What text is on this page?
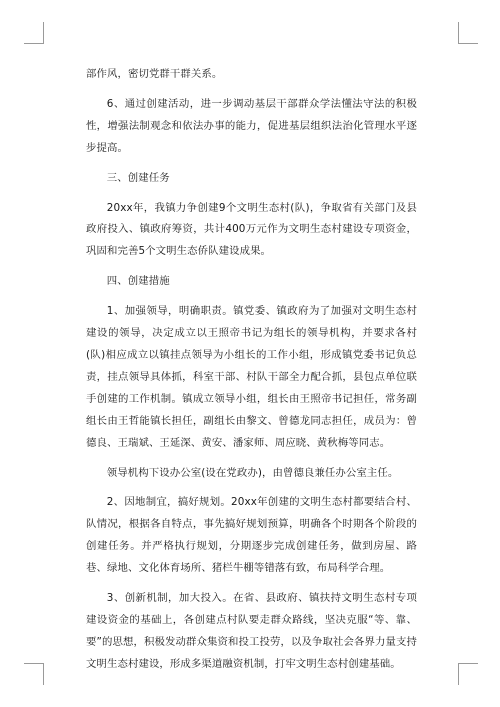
部作风，密切党群干群关系。

6、通过创建活动，进一步调动基层干部群众学法懂法守法的积极性，增强法制观念和依法办事的能力，促进基层组织法治化管理水平逐步提高。

三、创建任务

20xx年，我镇力争创建9个文明生态村(队)，争取省有关部门及县政府投入、镇政府筹资，共计400万元作为文明生态村建设专项资金，巩固和完善5个文明生态侨队建设成果。

四、创建措施

1、加强领导，明确职责。镇党委、镇政府为了加强对文明生态村建设的领导，决定成立以王照帝书记为组长的领导机构，并要求各村(队)相应成立以镇挂点领导为小组长的工作小组，形成镇党委书记负总责，挂点领导具体抓，科室干部、村队干部全力配合抓，县包点单位联手创建的工作机制。镇成立领导小组，组长由王照帝书记担任，常务副组长由王哲能镇长担任，副组长由黎文、曾德龙同志担任，成员为：曾德良、王瑞斌、王延深、黄安、潘家师、周应晓、黄秋梅等同志。

领导机构下设办公室(设在党政办)，由曾德良兼任办公室主任。

2、因地制宜，搞好规划。20xx年创建的文明生态村都要结合村、队情况，根据各自特点，事先搞好规划预算，明确各个时期各个阶段的创建任务。并严格执行规划，分期逐步完成创建任务，做到房屋、路巷、绿地、文化体育场所、猪栏牛棚等错落有致，布局科学合理。

3、创新机制，加大投入。在省、县政府、镇扶持文明生态村专项建设资金的基础上，各创建点村队要走群众路线，坚决克服“等、靠、要”的思想，积极发动群众集资和投工投劳，以及争取社会各界力量支持文明生态村建设，形成多渠道融资机制，打牢文明生态村创建基础。
